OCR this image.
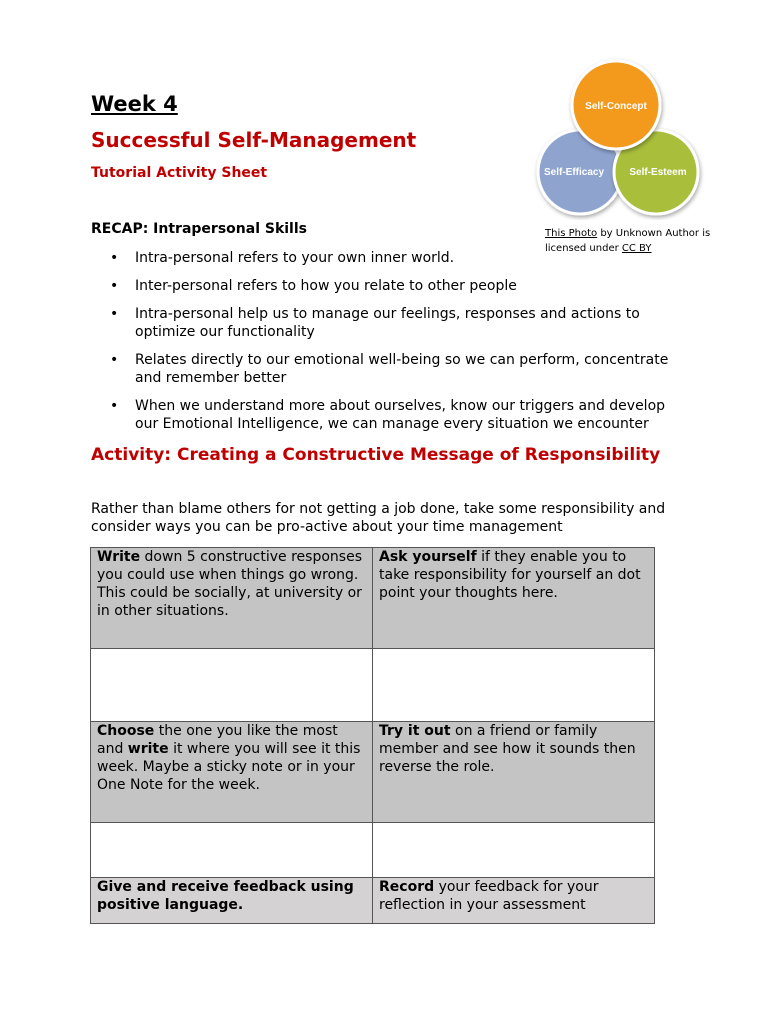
Week 4
Successful Self-Management
Tutorial Activity Sheet
Self-Concept
Self-Efficacy	Self-Esteem
This Photo by Unknown Author is licensed under CC BY
RECAP: Intrapersonal Skills
• Intra-personal refers to your own inner world.
• Inter-personal refers to how you relate to other people
• Intra-personal help us to manage our feelings, responses and actions to optimize our functionality
• Relates directly to our emotional well-being so we can perform, concentrate and remember better
• When we understand more about ourselves, know our triggers and develop our Emotional Intelligence, we can manage every situation we encounter
Activity: Creating a Constructive Message of Responsibility
Rather than blame others for not getting a job done, take some responsibility and consider ways you can be pro-active about your time management
Write down 5 constructive responses you could use when things go wrong. This could be socially, at university or in other situations.	Ask yourself if they enable you to take responsibility for yourself an dot point your thoughts here.

Choose the one you like the most and write it where you will see it this week. Maybe a sticky note or in your One Note for the week.	Try it out on a friend or family member and see how it sounds then reverse the role.

Give and receive feedback using positive language.	Record your feedback for your reflection in your assessment
